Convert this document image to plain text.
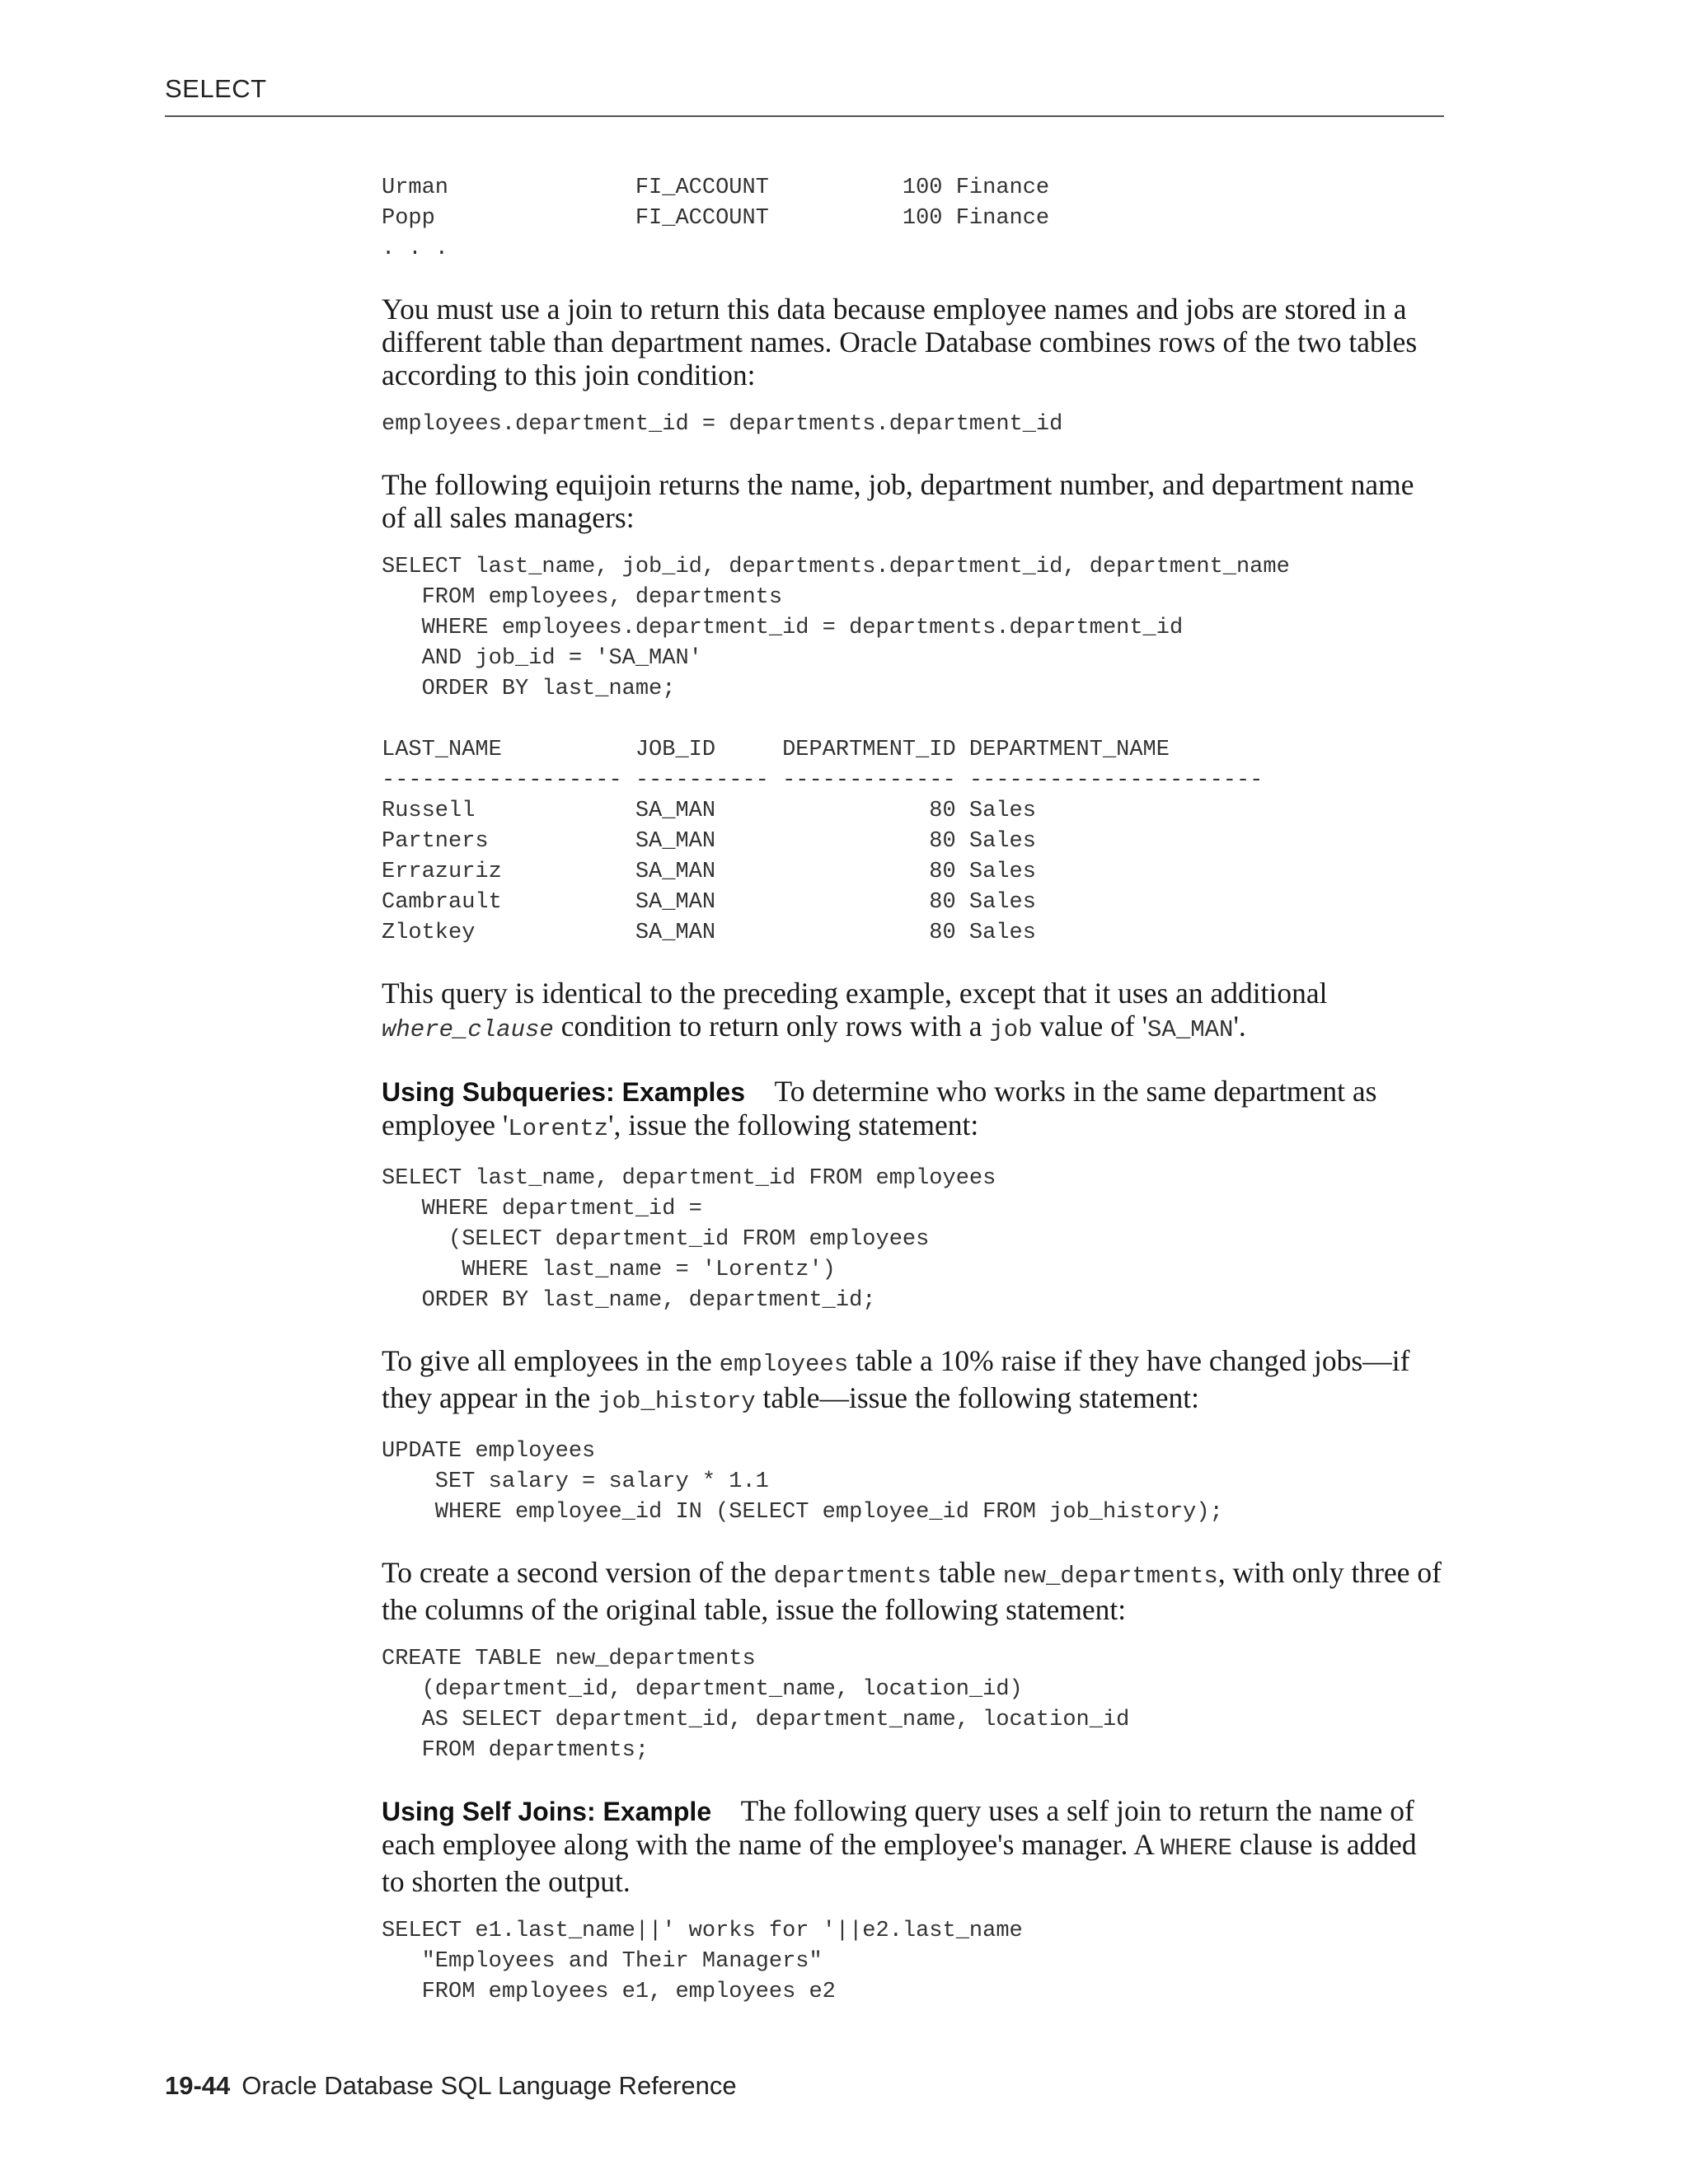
SELECT
Urman              FI_ACCOUNT          100 Finance
Popp               FI_ACCOUNT          100 Finance
. . .

You must use a join to return this data because employee names and jobs are stored in a different table than department names. Oracle Database combines rows of the two tables according to this join condition:

employees.department_id = departments.department_id

The following equijoin returns the name, job, department number, and department name of all sales managers:

SELECT last_name, job_id, departments.department_id, department_name
FROM employees, departments
WHERE employees.department_id = departments.department_id
AND job_id = 'SA_MAN'
ORDER BY last_name;
LAST_NAME          JOB_ID     DEPARTMENT_ID DEPARTMENT_NAME
------------------ ---------- ------------- ----------------------
Russell            SA_MAN                80 Sales
Partners           SA_MAN                80 Sales
Errazuriz          SA_MAN                80 Sales
Cambrault          SA_MAN                80 Sales
Zlotkey            SA_MAN                80 Sales

This query is identical to the preceding example, except that it uses an additional where_clause condition to return only rows with a job value of 'SA_MAN'.

Using Subqueries: Examples  To determine who works in the same department as employee 'Lorentz', issue the following statement:

SELECT last_name, department_id FROM employees
WHERE department_id =
(SELECT department_id FROM employees
WHERE last_name = 'Lorentz')
ORDER BY last_name, department_id;

To give all employees in the employees table a 10% raise if they have changed jobs—if they appear in the job_history table—issue the following statement:

UPDATE employees
SET salary = salary * 1.1
WHERE employee_id IN (SELECT employee_id FROM job_history);

To create a second version of the departments table new_departments, with only three of the columns of the original table, issue the following statement:

CREATE TABLE new_departments
(department_id, department_name, location_id)
AS SELECT department_id, department_name, location_id
FROM departments;

Using Self Joins: Example  The following query uses a self join to return the name of each employee along with the name of the employee's manager. A WHERE clause is added to shorten the output.

SELECT e1.last_name||' works for '||e2.last_name
"Employees and Their Managers"
FROM employees e1, employees e2
19-44 Oracle Database SQL Language Reference
